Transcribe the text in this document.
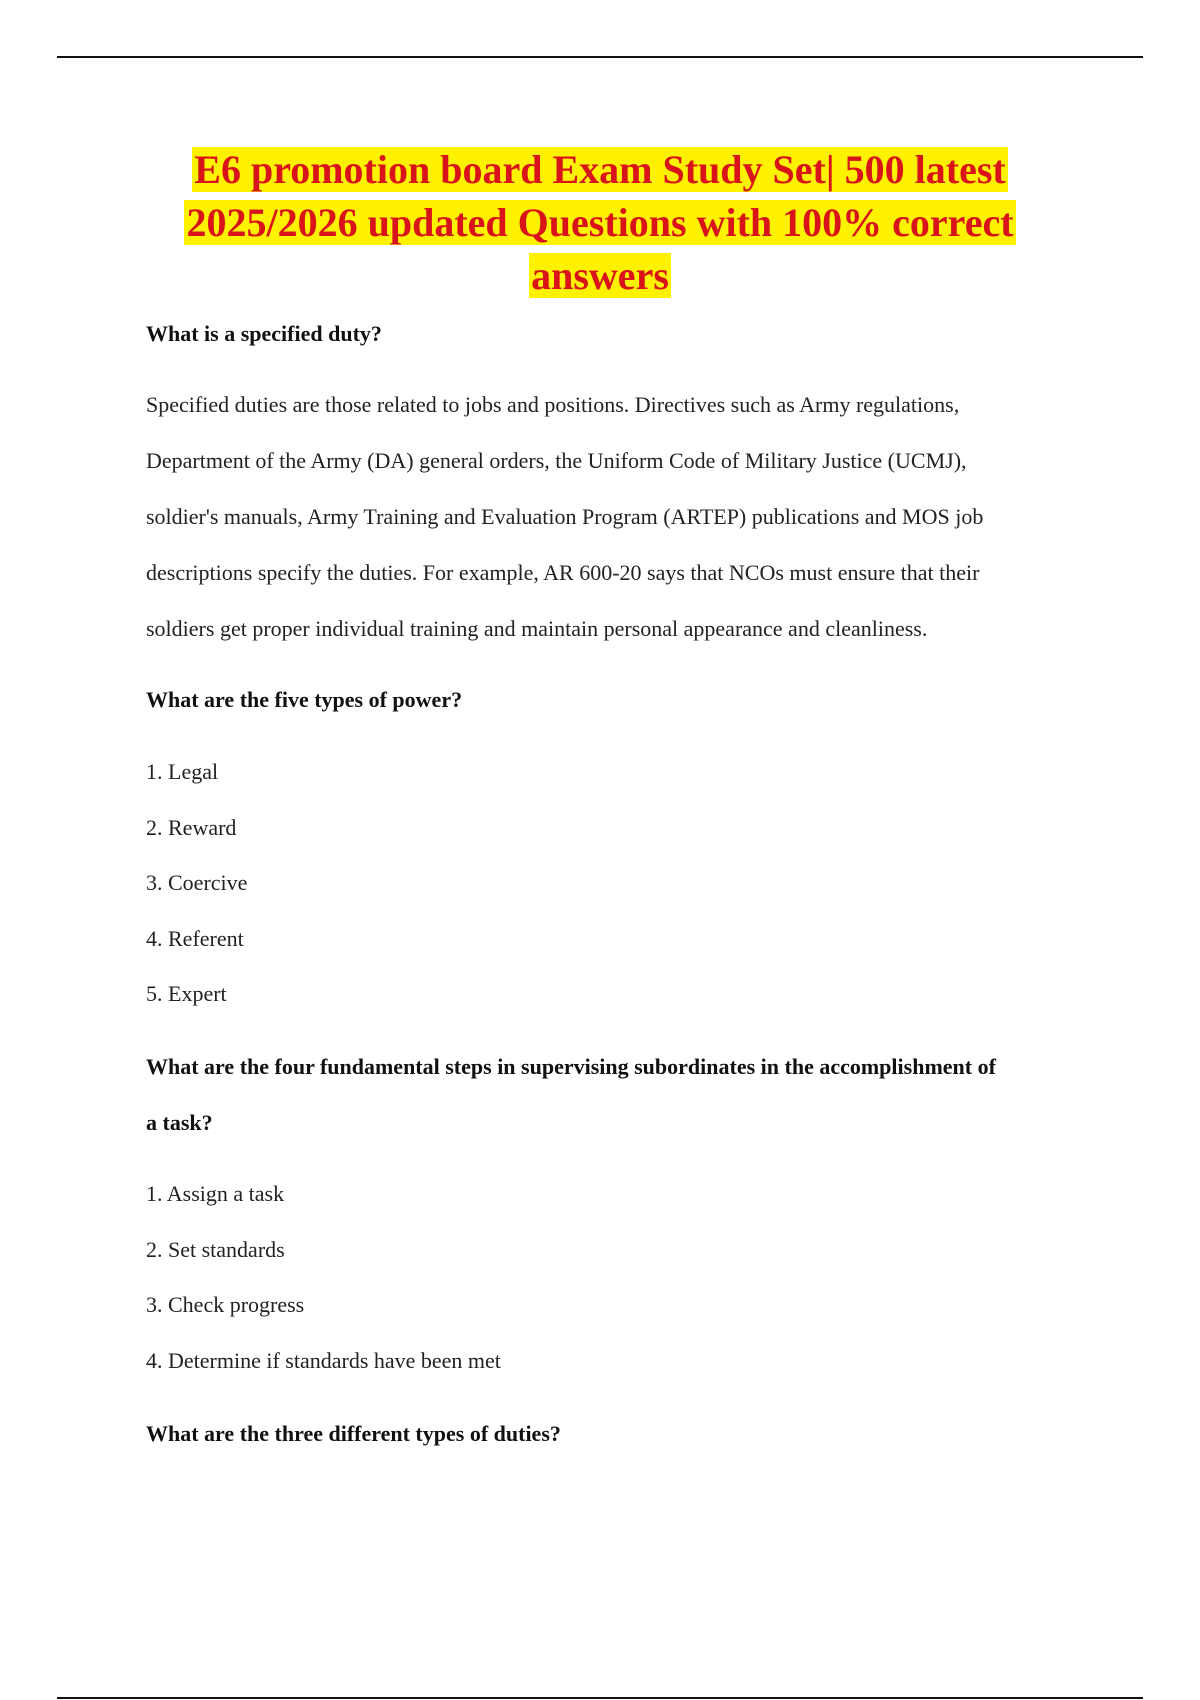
E6 promotion board Exam Study Set| 500 latest
2025/2026 updated Questions with 100% correct
answers
What is a specified duty?
Specified duties are those related to jobs and positions. Directives such as Army regulations,
Department of the Army (DA) general orders, the Uniform Code of Military Justice (UCMJ),
soldier's manuals, Army Training and Evaluation Program (ARTEP) publications and MOS job
descriptions specify the duties. For example, AR 600-20 says that NCOs must ensure that their
soldiers get proper individual training and maintain personal appearance and cleanliness.
What are the five types of power?
1. Legal
2. Reward
3. Coercive
4. Referent
5. Expert
What are the four fundamental steps in supervising subordinates in the accomplishment of
a task?
1. Assign a task
2. Set standards
3. Check progress
4. Determine if standards have been met
What are the three different types of duties?
